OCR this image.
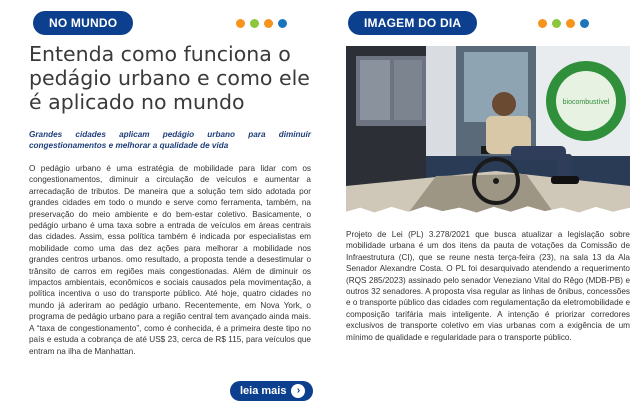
NO MUNDO
Entenda como funciona o pedágio urbano e como ele é aplicado no mundo

Grandes cidades aplicam pedágio urbano para diminuir congestionamentos e melhorar a qualidade de vida

O pedágio urbano é uma estratégia de mobilidade para lidar com os congestionamentos, diminuir a circulação de veículos e aumentar a arrecadação de tributos. De maneira que a solução tem sido adotada por grandes cidades em todo o mundo e serve como ferramenta, também, na preservação do meio ambiente e do bem-estar coletivo. Basicamente, o pedágio urbano é uma taxa sobre a entrada de veículos em áreas centrais das cidades. Assim, essa política também é indicada por especialistas em mobilidade como uma das dez ações para melhorar a mobilidade nos grandes centros urbanos. omo resultado, a proposta tende a desestimular o trânsito de carros em regiões mais congestionadas. Além de diminuir os impactos ambientais, econômicos e sociais causados pela movimentação, a política incentiva o uso do transporte público. Até hoje, quatro cidades no mundo já aderiram ao pedágio urbano. Recentemente, em Nova York, o programa de pedágio urbano para a região central tem avançado ainda mais. A “taxa de congestionamento”, como é conhecida, é a primeira deste tipo no país e estuda a cobrança de até US$ 23, cerca de R$ 115, para veículos que entram na ilha de Manhattan.

leia mais	›
IMAGEM DO DIA
biocombustível

Projeto de Lei (PL) 3.278/2021 que busca atualizar a legislação sobre mobilidade urbana é um dos itens da pauta de votações da Comissão de Infraestrutura (CI), que se reune nesta terça-feira (23), na sala 13 da Ala Senador Alexandre Costa. O PL foi desarquivado atendendo a requerimento (RQS 285/2023) assinado pelo senador Veneziano Vital do Rêgo (MDB-PB) e outros 32 senadores. A proposta visa regular as linhas de ônibus, concessões e o transporte público das cidades com regulamentação da eletromobilidade e composição tarifária mais inteligente. A intenção é priorizar corredores exclusivos de transporte coletivo em vias urbanas com a exigência de um mínimo de qualidade e regularidade para o transporte público.
